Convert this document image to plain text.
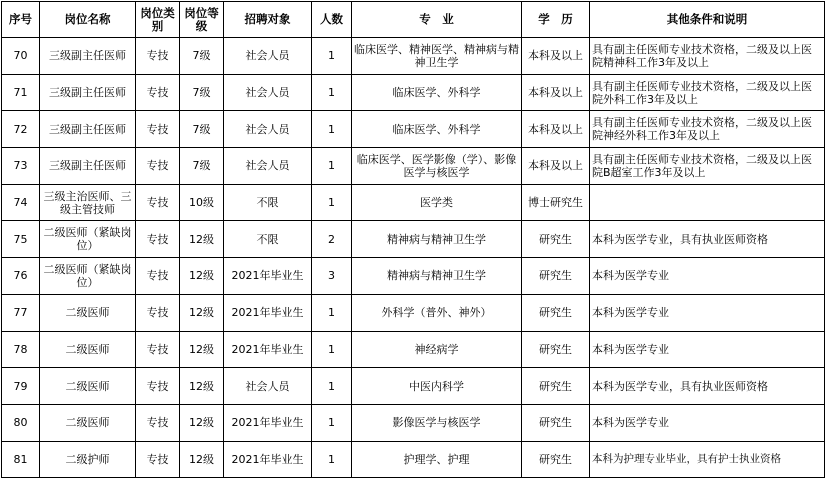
序号	岗位名称	岗位类别	岗位等级	招聘对象	人数	专　业	学　历	其他条件和说明
70	三级副主任医师	专技	7级	社会人员	1	临床医学、精神医学、精神病与精神卫生学	本科及以上	具有副主任医师专业技术资格，二级及以上医院精神科工作3年及以上
71	三级副主任医师	专技	7级	社会人员	1	临床医学、外科学	本科及以上	具有副主任医师专业技术资格，二级及以上医院外科工作3年及以上
72	三级副主任医师	专技	7级	社会人员	1	临床医学、外科学	本科及以上	具有副主任医师专业技术资格，二级及以上医院神经外科工作3年及以上
73	三级副主任医师	专技	7级	社会人员	1	临床医学、医学影像（学）、影像医学与核医学	本科及以上	具有副主任医师专业技术资格，二级及以上医院B超室工作3年及以上
74	三级主治医师、三级主管技师	专技	10级	不限	1	医学类	博士研究生	
75	二级医师（紧缺岗位）	专技	12级	不限	2	精神病与精神卫生学	研究生	本科为医学专业，具有执业医师资格
76	二级医师（紧缺岗位）	专技	12级	2021年毕业生	3	精神病与精神卫生学	研究生	本科为医学专业
77	二级医师	专技	12级	2021年毕业生	1	外科学（普外、神外）	研究生	本科为医学专业
78	二级医师	专技	12级	2021年毕业生	1	神经病学	研究生	本科为医学专业
79	二级医师	专技	12级	社会人员	1	中医内科学	研究生	本科为医学专业，具有执业医师资格
80	二级医师	专技	12级	2021年毕业生	1	影像医学与核医学	研究生	本科为医学专业
81	二级护师	专技	12级	2021年毕业生	1	护理学、护理	研究生	本科为护理专业毕业，具有护士执业资格
